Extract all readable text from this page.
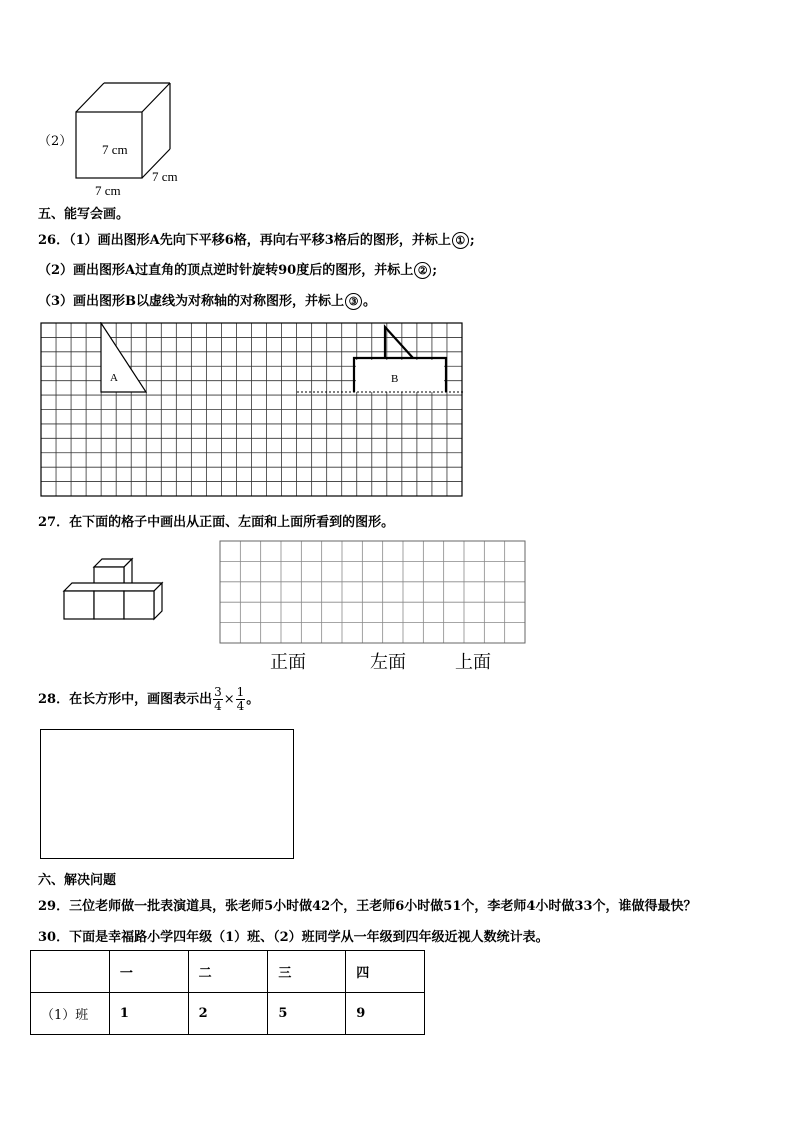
（2）
7 cm
7 cm
7 cm
五、能写会画。
26．（1）画出图形A先向下平移6格，再向右平移3格后的图形，并标上 ① ;
（2）画出图形A过直角的顶点逆时针旋转90度后的图形，并标上 ② ;
（3）画出图形B以虚线为对称轴的对称图形，并标上 ③ 。
A	B
27．在下面的格子中画出从正面、左面和上面所看到的图形。
正面	左面	上面
28．在长方形中，画图表示出 $\frac{3}{4} \times \frac{1}{4}$ 。
六、解决问题
29．三位老师做一批表演道具，张老师5小时做42个，王老师6小时做51个，李老师4小时做33个，谁做得最快？
30．下面是幸福路小学四年级（1）班、（2）班同学从一年级到四年级近视人数统计表。
	一	二	三	四
（1）班	1	2	5	9
